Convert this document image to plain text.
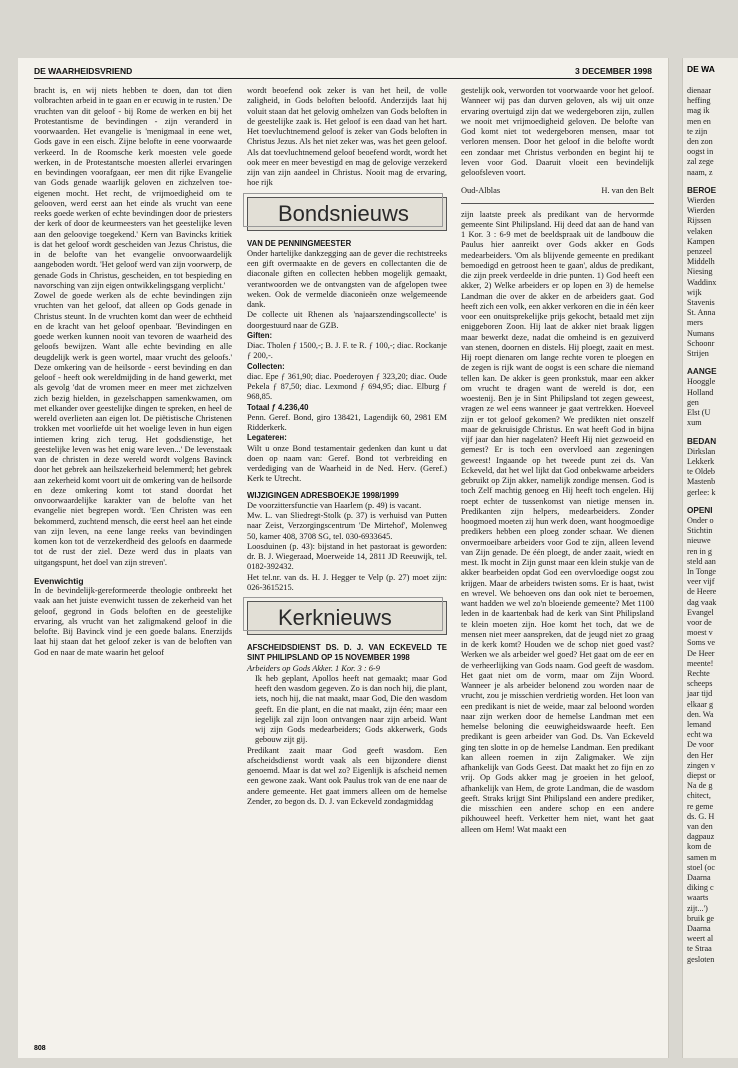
DE WAARHEIDSVRIEND	3 DECEMBER 1998

bracht is, en wij niets hebben te doen, dan tot dien volbrachten arbeid in te gaan en er ecuwig in te rusten.' De vruchten van dit geloof - bij Rome de werken en bij het Protestantisme de bevindingen - zijn veranderd in voorwaarden. Het evangelie is 'menigmaal in eene wet, Gods gave in een eisch. Zijne belofte in eene voorwaarde verkeerd. In de Roomsche kerk moesten vele goede werken, in de Protestantsche moesten allerlei ervaringen en bevindingen voorafgaan, eer men dit rijke Evangelie van Gods genade waarlijk geloven en zichzelven toe-eigenen mocht. Het recht, de vrijmoedigheid om te gelooven, werd eerst aan het einde als vrucht van eene reeks goede werken of echte bevindingen door de priesters der kerk of door de keurmeesters van het geestelijke leven aan den geloovige toegekend.' Kern van Bavincks kritiek is dat het geloof wordt gescheiden van Jezus Christus, die in de belofte van het evangelie onvoorwaardelijk aangeboden wordt. 'Het geloof werd van zijn voorwerp, de genade Gods in Christus, gescheiden, en tot bespieding en navorsching van zijn eigen ontwikkelingsgang verplicht.'

Zowel de goede werken als de echte bevindingen zijn vruchten van het geloof, dat alleen op Gods genade in Christus steunt. In de vruchten komt dan weer de echtheid en de kracht van het geloof openbaar. 'Bevindingen en goede werken kunnen nooit van tevoren de waarheid des geloofs bewijzen. Want alle echte bevinding en alle deugdelijk werk is geen wortel, maar vrucht des geloofs.' Deze omkering van de heilsorde - eerst bevinding en dan geloof - heeft ook wereldmijding in de hand gewerkt, met als gevolg 'dat de vromen meer en meer met zichzelven zich bezig hielden, in gezelschappen samenkwamen, om met elkander over geestelijke dingen te spreken, en heel de wereld overlieten aan eigen lot. De piëtistische Christenen trokken met voorliefde uit het woelige leven in hun eigen intiemen kring zich terug. Het godsdienstige, het geestelijke leven was het enig ware leven...' De levenstaak van de christen in deze wereld wordt volgens Bavinck door het gebrek aan heilszekerheid belemmerd; het gebrek aan zekerheid komt voort uit de omkering van de heilsorde en deze omkering komt tot stand doordat het onvoorwaardelijke karakter van de belofte van het evangelie niet begrepen wordt. 'Een Christen was een bekommerd, zuchtend mensch, die eerst heel aan het einde van zijn leven, na eene lange reeks van bevindingen komen kon tot de verzekerdheid des geloofs en daarmede tot de rust der ziel. Deze werd dus in plaats van uitgangspunt, het doel van zijn streven'.

Evenwichtig

In de bevindelijk-gereformeerde theologie ontbreekt het vaak aan het juiste evenwicht tussen de zekerheid van het geloof, gegrond in Gods beloften en de geestelijke ervaring, als vrucht van het zaligmakend geloof in die belofte. Bij Bavinck vind je een goede balans. Enerzijds laat hij staan dat het geloof zeker is van de beloften van God en naar de mate waarin het geloof

wordt beoefend ook zeker is van het heil, de volle zaligheid, in Gods beloften beloofd. Anderzijds laat hij voluit staan dat het gelovig omhelzen van Gods beloften in de geestelijke zaak is. Het geloof is een daad van het hart. Het toevluchtnemend geloof is zeker van Gods beloften in Christus Jezus. Als het niet zeker was, was het geen geloof. Als dat toevluchtnemend geloof beoefend wordt, wordt het ook meer en meer bevestigd en mag de gelovige verzekerd zijn van zijn aandeel in Christus. Nooit mag de ervaring, hoe rijk

Bondsnieuws

VAN DE PENNINGMEESTER

Onder hartelijke dankzegging aan de gever die rechtstreeks een gift overmaakte en de gevers en collectanten die de diaconale giften en collecten hebben mogelijk gemaakt, verantwoorden we de ontvangsten van de afgelopen twee weken. Ook de vermelde diaconieën onze welgemeende dank.

De collecte uit Rhenen als 'najaarszendingscollecte' is doorgestuurd naar de GZB.

Giften:

Diac. Tholen ƒ 1500,-; B. J. F. te R. ƒ 100,-; diac. Rockanje ƒ 200,-.

Collecten:

diac. Epe ƒ 361,90; diac. Poederoyen ƒ 323,20; diac. Oude Pekela ƒ 87,50; diac. Lexmond ƒ 694,95; diac. Elburg ƒ 968,85.

Totaal ƒ 4.236,40

Penn. Geref. Bond, giro 138421, Lagendijk 60, 2981 EM Ridderkerk.

Legaterен:

Wilt u onze Bond testamentair gedenken dan kunt u dat doen op naam van: Geref. Bond tot verbreiding en verdediging van de Waarheid in de Ned. Herv. (Geref.) Kerk te Utrecht.

WIJZIGINGEN ADRESBOEKJE 1998/1999

De voorzittersfunctie van Haarlem (p. 49) is vacant.

Mw. L. van Sliedregt-Stolk (p. 37) is verhuisd van Putten naar Zeist, Verzorgingscentrum 'De Mirtehof', Molenweg 50, kamer 408, 3708 SG, tel. 030-6933645.

Loosduinen (p. 43): bijstand in het pastoraat is geworden: dr. B. J. Wiegeraad, Moerweide 14, 2811 JD Reeuwijk, tel. 0182-392432.

Het tel.nr. van ds. H. J. Hegger te Velp (p. 27) moet zijn: 026-3615215.

Kerknieuws

AFSCHEIDSDIENST DS. D. J. VAN ECKEVELD TE SINT PHILIPSLAND OP 15 NOVEMBER 1998

Arbeiders op Gods Akker. 1 Kor. 3 : 6-9

Ik heb geplant, Apollos heeft nat gemaakt; maar God heeft den wasdom gegeven. Zo is dan noch hij, die plant, iets, noch hij, die nat maakt, maar God, Die den wasdom geeft. En die plant, en die nat maakt, zijn één; maar een iegelijk zal zijn loon ontvangen naar zijn arbeid. Want wij zijn Gods medearbeiders; Gods akkerwerk, Gods gebouw zijt gij.

Predikant zaait maar God geeft wasdom. Een afscheidsdienst wordt vaak als een bijzondere dienst genoemd. Maar is dat wel zo? Eigenlijk is afscheid nemen een gewone zaak. Want ook Paulus trok van de ene naar de andere gemeente. Het gaat immers alleen om de hemelse Zender, zo begon ds. D. J. van Eckeveld zondagmiddag

gestelijk ook, verworden tot voorwaarde voor het geloof. Wanneer wij pas dan durven geloven, als wij uit onze ervaring overtuigd zijn dat we wedergeboren zijn, zullen we nooit met vrijmoedigheid geloven. De belofte van God komt niet tot wedergeboren mensen, maar tot verloren mensen. Door het geloof in die belofte wordt een zondaar met Christus verbonden en begint hij te leven voor God. Daaruit vloeit een bevindelijk geloofsleven voort.

Oud-Alblas	H. van den Belt

zijn laatste preek als predikant van de hervormde gemeente Sint Philipsland. Hij deed dat aan de hand van 1 Kor. 3 : 6-9 met de beeldspraak uit de landbouw die Paulus hier aanreikt over Gods akker en Gods medearbeiders. 'Om als blijvende gemeente en predikant bemoedigd en getroost heen te gaan', aldus de predikant, die zijn preek verdeelde in drie punten. 1) God heeft een akker, 2) Welke arbeiders er op lopen en 3) de hemelse Landman die over de akker en de arbeiders gaat. God heeft zich een volk, een akker verkoren en die in één keer voor een onuitsprekelijke prijs gekocht, betaald met zijn eniggeboren Zoon. Hij laat de akker niet braak liggen maar bewerkt deze, nadat die omheind is en gezuiverd van stenen, doornen en distels. Hij ploegt, zaait en mest. Hij roept dienaren om lange rechte voren te ploegen en de zegen is rijk want de oogst is een schare die niemand tellen kan. De akker is geen pronkstuk, maar een akker om vrucht te dragen want de wereld is dor, een woestenij. Ben je in Sint Philipsland tot zegen geweest, vragen ze wel eens wanneer je gaat vertrekken. Hoeveel zijn er tot geloof gekomen? We predikten niet onszelf maar de gekruisigde Christus. En wat heeft God in bijna vijf jaar dan hier nagelaten? Heeft Hij niet gezwoeid en gemest? Er is toch een overvloed aan zegeningen geweest! Ingaande op het tweede punt zei ds. Van Eckeveld, dat het wel lijkt dat God onbekwame arbeiders gebruikt op Zijn akker, namelijk zondige mensen. God is toch Zelf machtig genoeg en Hij heeft toch engelen. Hij roept echter de tussenkomst van nietige mensen in. Predikanten zijn helpers, medearbeiders. Zonder hoogmoed moeten zij hun werk doen, want hoogmoedige predikers hebben een ploeg zonder schaar. We dienen onvermoeibare arbeiders voor God te zijn, alleen levend van Zijn genade. De één ploegt, de ander zaait, wiedt en mest. Ik mocht in Zijn gunst maar een klein stukje van de akker bearbeiden opdat God een overvloedige oogst zou krijgen. Maar de arbeiders twisten soms. Er is haat, twist en wrevel. We behoeven ons dan ook niet te beroemen, want hadden we wel zo'n bloeiende gemeente? Met 1100 leden in de kaartenbak had de kerk van Sint Philipsland te klein moeten zijn. Hoe komt het toch, dat we de mensen niet meer aanspreken, dat de jeugd niet zo graag in de kerk komt? Houden we de schop niet goed vast? Werken we als arbeider wel goed? Het gaat om de eer en de verheerlijking van Gods naam. God geeft de wasdom. Het gaat niet om de vorm, maar om Zijn Woord. Wanneer je als arbeider belonend zou worden naar de vrucht, zou je misschien verdrietig worden. Het loon van een predikant is niet de weide, maar zal beloond worden naar zijn werken door de hemelse Landman met een hemelse beloning die eeuwigheidswaarde heeft. Een predikant is geen arbeider van God. Ds. Van Eckeveld ging ten slotte in op de hemelse Landman. Een predikant kan alleen roemen in zijn Zaligmaker. We zijn afhankelijk van Gods Geest. Dat maakt het zo fijn en zo vrij. Op Gods akker mag je groeien in het geloof, afhankelijk van Hem, de grote Landman, die de wasdom geeft. Straks krijgt Sint Philipsland een andere prediker, die misschien een andere schop en een andere pikhouweel heeft. Verketter hem niet, want het gaat alleen om Hem! Wat maakt een

808
DE WA
dienaar
heffing
mag ik
men en
te zijn
den zon
oogst in
zal zege
naam, z
BEROE
Wierden
Wierden
Rijssen
velaken
Kampen
penzeel
Middelh
Niesing
Waddinx
wijk
Stavenis
St. Anna
mers
Numans
Schoonr
Strijen
AANGE
Hooggle
Holland
gen
Elst (U
xum
BEDAN
Dirkslan
Lekkerk
te Oldeb
Mastenb
gerlee: k
OPENI
Onder o
Stichtin
nieuwe
ren in g
steld aan
In Tonge
veer vijf
de Heere
dag vaak
Evangel
voor de
moest v
Soms ve
De Heer
meente!
Rechte
scheeps
jaar tijd
elkaar g
den. Wa
lemand
echt wa
De voor
den Her
zingen v
diepst or
Na de g
chitect,
re geme
ds. G. H
van den
dagpauz
kom de
samen m
stoel (oc
Daarna
diking c
waarts
zijt...')
bruik ge
Daarna
weert al
te Straa
gesloten
